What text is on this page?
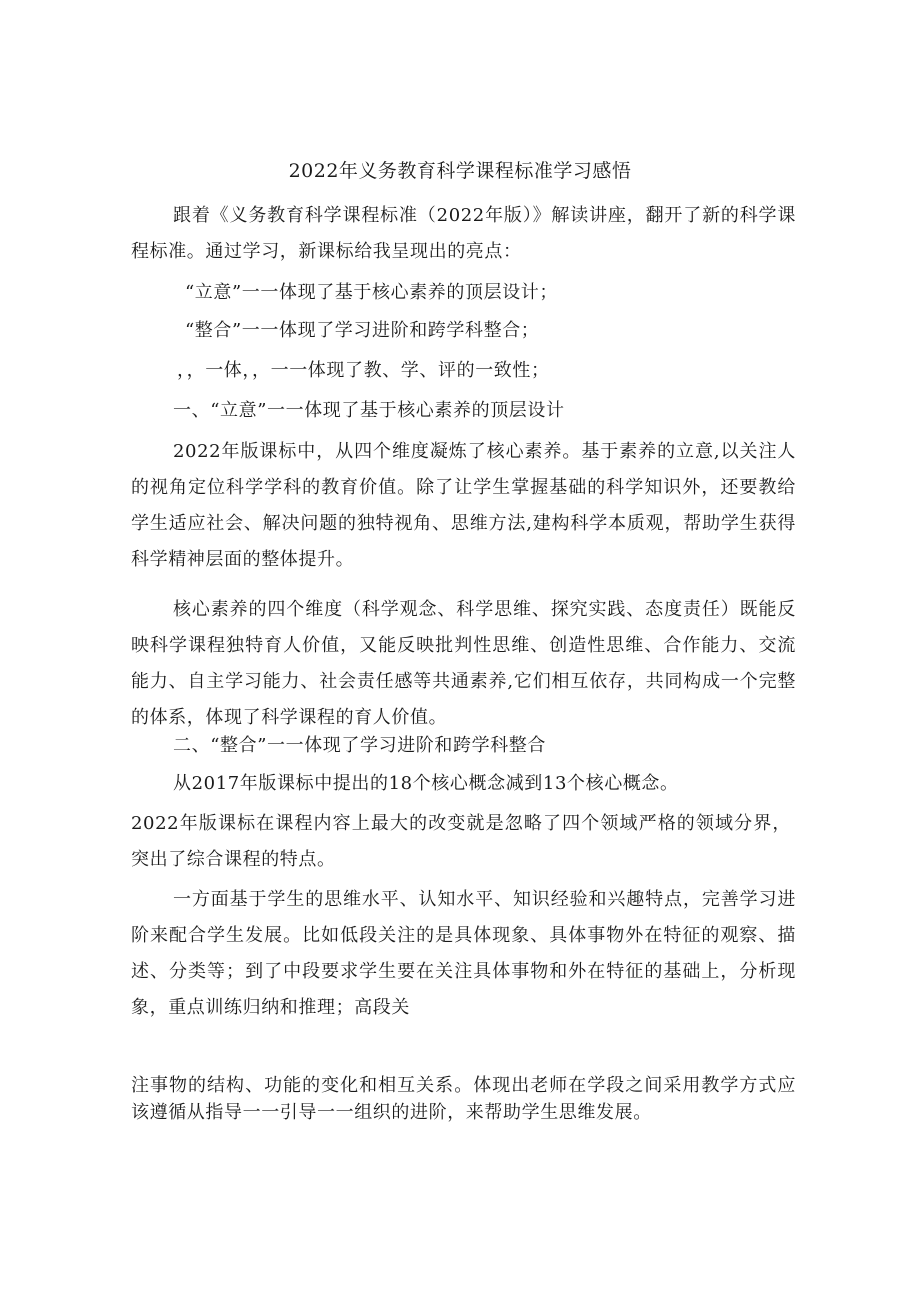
2022年义务教育科学课程标准学习感悟
跟着《义务教育科学课程标准（2022年版）》解读讲座，翻开了新的科学课程标准。通过学习，新课标给我呈现出的亮点：
“立意”一一体现了基于核心素养的顶层设计；
“整合”一一体现了学习进阶和跨学科整合；
，，一体，，一一体现了教、学、评的一致性；
一、“立意”一一体现了基于核心素养的顶层设计
2022年版课标中，从四个维度凝炼了核心素养。基于素养的立意,以关注人的视角定位科学学科的教育价值。除了让学生掌握基础的科学知识外，还要教给学生适应社会、解决问题的独特视角、思维方法,建构科学本质观，帮助学生获得科学精神层面的整体提升。
核心素养的四个维度（科学观念、科学思维、探究实践、态度责任）既能反映科学课程独特育人价值，又能反映批判性思维、创造性思维、合作能力、交流能力、自主学习能力、社会责任感等共通素养,它们相互依存，共同构成一个完整的体系，体现了科学课程的育人价值。
二、“整合”一一体现了学习进阶和跨学科整合
从2017年版课标中提出的18个核心概念减到13个核心概念。
2022年版课标在课程内容上最大的改变就是忽略了四个领域严格的领域分界，突出了综合课程的特点。
一方面基于学生的思维水平、认知水平、知识经验和兴趣特点，完善学习进阶来配合学生发展。比如低段关注的是具体现象、具体事物外在特征的观察、描述、分类等；到了中段要求学生要在关注具体事物和外在特征的基础上，分析现象，重点训练归纳和推理；高段关
注事物的结构、功能的变化和相互关系。体现出老师在学段之间采用教学方式应该遵循从指导一一引导一一组织的进阶，来帮助学生思维发展。
